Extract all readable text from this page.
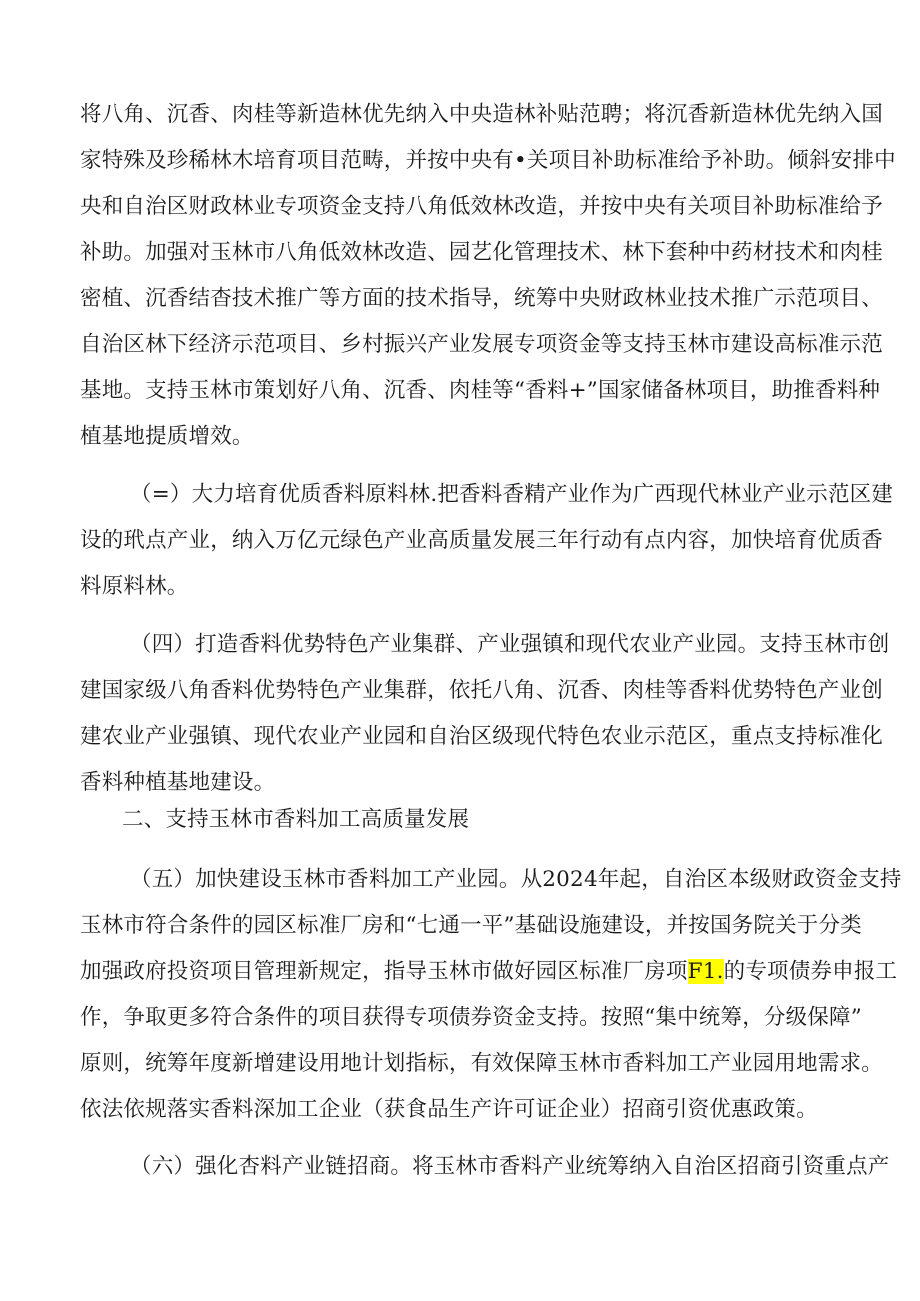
将八角、沉香、肉桂等新造林优先纳入中央造林补贴范聘；将沉香新造林优先纳入国
家特殊及珍稀林木培育项目范畴，并按中央有•关项目补助标准给予补助。倾斜安排中
央和自治区财政林业专项资金支持八角低效林改造，并按中央有关项目补助标准给予
补助。加强对玉林市八角低效林改造、园艺化管理技术、林下套种中药材技术和肉桂
密植、沉香结杳技术推广等方面的技术指导，统筹中央财政林业技术推广示范项目、
自治区林下经济示范项目、乡村振兴产业发展专项资金等支持玉林市建设高标准示范
基地。支持玉林市策划好八角、沉香、肉桂等“香料+”国家储备林项目，助推香料种
植基地提质增效。
（=）大力培育优质香料原料林.把香料香精产业作为广西现代林业产业示范区建
设的玳点产业，纳入万亿元绿色产业高质量发展三年行动有点内容，加快培育优质香
料原料林。
（四）打造香料优势特色产业集群、产业强镇和现代农业产业园。支持玉林市创
建国家级八角香料优势特色产业集群，依托八角、沉香、肉桂等香料优势特色产业创
建农业产业强镇、现代农业产业园和自治区级现代特色农业示范区，重点支持标准化
香料种植基地建设。
二、支持玉林市香料加工高质量发展
（五）加快建设玉林市香料加工产业园。从2024年起，自治区本级财政资金支持
玉林市符合条件的园区标准厂房和“七通一平”基础设施建设，并按国务院关于分类
加强政府投资项目管理新规定，指导玉林市做好园区标准厂房项F1.的专项债券申报工
作，争取更多符合条件的项目获得专项债券资金支持。按照“集中统筹，分级保障”
原则，统筹年度新增建设用地计划指标，有效保障玉林市香料加工产业园用地需求。
依法依规落实香料深加工企业（获食品生产许可证企业）招商引资优惠政策。
（六）强化杏料产业链招商。将玉林市香料产业统筹纳入自治区招商引资重点产
